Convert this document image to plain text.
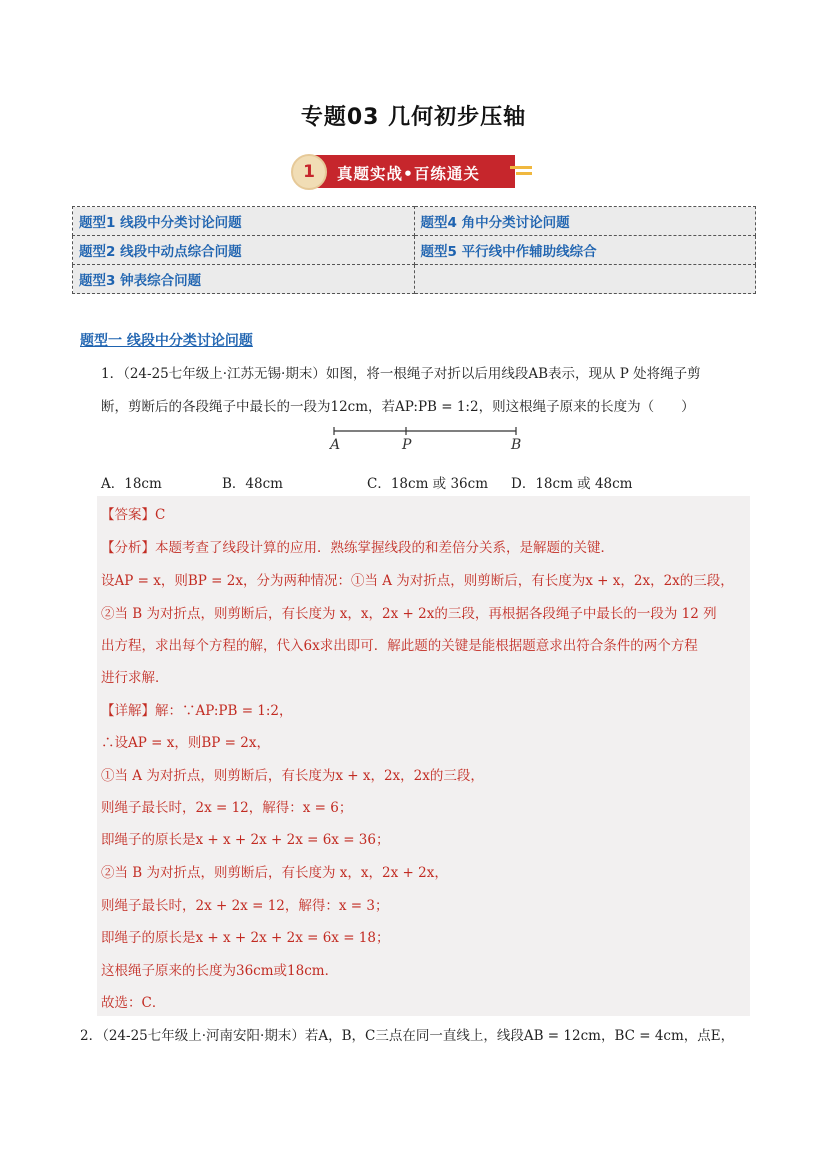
专题03 几何初步压轴
1	真题实战•百练通关
题型1 线段中分类讨论问题	题型4 角中分类讨论问题
题型2 线段中动点综合问题	题型5 平行线中作辅助线综合
题型3 钟表综合问题	
题型一 线段中分类讨论问题
1．（24-25七年级上·江苏无锡·期末）如图，将一根绳子对折以后用线段AB表示，现从 P 处将绳子剪
断，剪断后的各段绳子中最长的一段为12cm，若AP:PB = 1:2，则这根绳子原来的长度为（　　）
A	P	B
A．18cm	B．48cm	C．18cm 或 36cm D．18cm 或 48cm
【答案】C
【分析】本题考查了线段计算的应用．熟练掌握线段的和差倍分关系，是解题的关键．
设AP = x，则BP = 2x，分为两种情况：①当 A 为对折点，则剪断后，有长度为x + x，2x，2x的三段，
②当 B 为对折点，则剪断后，有长度为 x，x，2x + 2x的三段，再根据各段绳子中最长的一段为 12 列
出方程，求出每个方程的解，代入6x求出即可．解此题的关键是能根据题意求出符合条件的两个方程
进行求解．
【详解】解：∵AP:PB = 1:2，
∴设AP = x，则BP = 2x，
①当 A 为对折点，则剪断后，有长度为x + x，2x，2x的三段，
则绳子最长时，2x = 12，解得：x = 6；
即绳子的原长是x + x + 2x + 2x = 6x = 36；
②当 B 为对折点，则剪断后，有长度为 x，x，2x + 2x，
则绳子最长时，2x + 2x = 12，解得：x = 3；
即绳子的原长是x + x + 2x + 2x = 6x = 18；
这根绳子原来的长度为36cm或18cm．
故选：C．
2．（24-25七年级上·河南安阳·期末）若A，B，C三点在同一直线上，线段AB = 12cm，BC = 4cm，点E，
